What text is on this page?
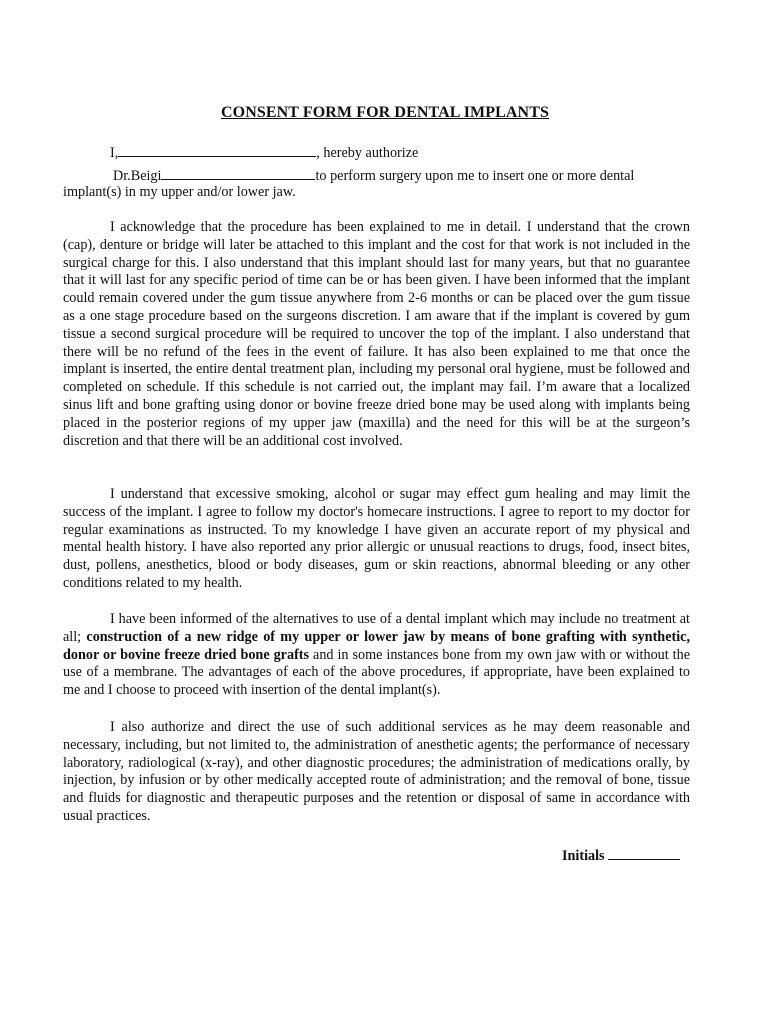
CONSENT FORM FOR DENTAL IMPLANTS
I,	, hereby authorize
Dr.Beigi	to perform surgery upon me to insert one or more dental
implant(s) in my upper and/or lower jaw.
I acknowledge that the procedure has been explained to me in detail. I understand that the crown (cap), denture or bridge will later be attached to this implant and the cost for that work is not included in the surgical charge for this. I also understand that this implant should last for many years, but that no guarantee that it will last for any specific period of time can be or has been given. I have been informed that the implant could remain covered under the gum tissue anywhere from 2-6 months or can be placed over the gum tissue as a one stage procedure based on the surgeons discretion. I am aware that if the implant is covered by gum tissue a second surgical procedure will be required to uncover the top of the implant. I also understand that there will be no refund of the fees in the event of failure. It has also been explained to me that once the implant is inserted, the entire dental treatment plan, including my personal oral hygiene, must be followed and completed on schedule. If this schedule is not carried out, the implant may fail. I’m aware that a localized sinus lift and bone grafting using donor or bovine freeze dried bone may be used along with implants being placed in the posterior regions of my upper jaw (maxilla) and the need for this will be at the surgeon’s discretion and that there will be an additional cost involved.
I understand that excessive smoking, alcohol or sugar may effect gum healing and may limit the success of the implant. I agree to follow my doctor's homecare instructions. I agree to report to my doctor for regular examinations as instructed. To my knowledge I have given an accurate report of my physical and mental health history. I have also reported any prior allergic or unusual reactions to drugs, food, insect bites, dust, pollens, anesthetics, blood or body diseases, gum or skin reactions, abnormal bleeding or any other conditions related to my health.
I have been informed of the alternatives to use of a dental implant which may include no treatment at all; construction of a new ridge of my upper or lower jaw by means of bone grafting with synthetic, donor or bovine freeze dried bone grafts and in some instances bone from my own jaw with or without the use of a membrane. The advantages of each of the above procedures, if appropriate, have been explained to me and I choose to proceed with insertion of the dental implant(s).
I also authorize and direct the use of such additional services as he may deem reasonable and necessary, including, but not limited to, the administration of anesthetic agents; the performance of necessary laboratory, radiological (x-ray), and other diagnostic procedures; the administration of medications orally, by injection, by infusion or by other medically accepted route of administration; and the removal of bone, tissue and fluids for diagnostic and therapeutic purposes and the retention or disposal of same in accordance with usual practices.
Initials
